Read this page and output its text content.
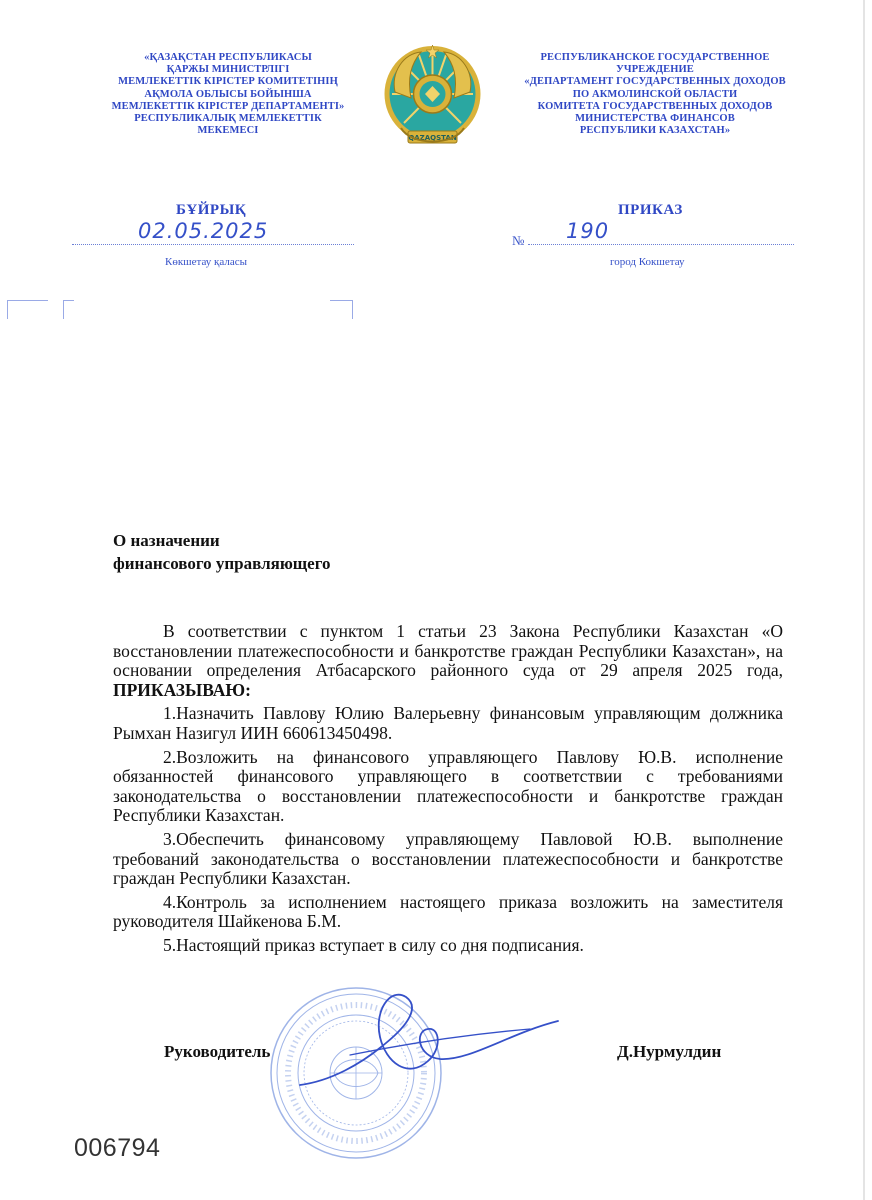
«ҚАЗАҚСТАН РЕСПУБЛИКАСЫ
ҚАРЖЫ МИНИСТРЛІГІ
МЕМЛЕКЕТТІК КІРІСТЕР КОМИТЕТІНІҢ
АҚМОЛА ОБЛЫСЫ БОЙЫНША
МЕМЛЕКЕТТІК КІРІСТЕР ДЕПАРТАМЕНТІ»
РЕСПУБЛИКАЛЫҚ МЕМЛЕКЕТТІК
МЕКЕМЕСІ
QAZAQSTAN
РЕСПУБЛИКАНСКОЕ ГОСУДАРСТВЕННОЕ
УЧРЕЖДЕНИЕ
«ДЕПАРТАМЕНТ ГОСУДАРСТВЕННЫХ ДОХОДОВ
ПО АКМОЛИНСКОЙ ОБЛАСТИ
КОМИТЕТА ГОСУДАРСТВЕННЫХ ДОХОДОВ
МИНИСТЕРСТВА ФИНАНСОВ
РЕСПУБЛИКИ КАЗАХСТАН»
БҰЙРЫҚ	ПРИКАЗ
02.05.2025	№ 190
Көкшетау қаласы	город Кокшетау
О назначении
финансового управляющего

В соответствии с пунктом 1 статьи 23 Закона Республики Казахстан «О восстановлении платежеспособности и банкротстве граждан Республики Казахстан», на основании определения Атбасарского районного суда от 29 апреля 2025 года, ПРИКАЗЫВАЮ:

1.Назначить Павлову Юлию Валерьевну финансовым управляющим должника Рымхан Назигул ИИН 660613450498.

2.Возложить на финансового управляющего Павлову Ю.В. исполнение обязанностей финансового управляющего в соответствии с требованиями законодательства о восстановлении платежеспособности и банкротстве граждан Республики Казахстан.

3.Обеспечить финансовому управляющему Павловой Ю.В. выполнение требований законодательства о восстановлении платежеспособности и банкротстве граждан Республики Казахстан.

4.Контроль за исполнением настоящего приказа возложить на заместителя руководителя Шайкенова Б.М.

5.Настоящий приказ вступает в силу со дня подписания.

Руководитель	Д.Нурмулдин
006794
